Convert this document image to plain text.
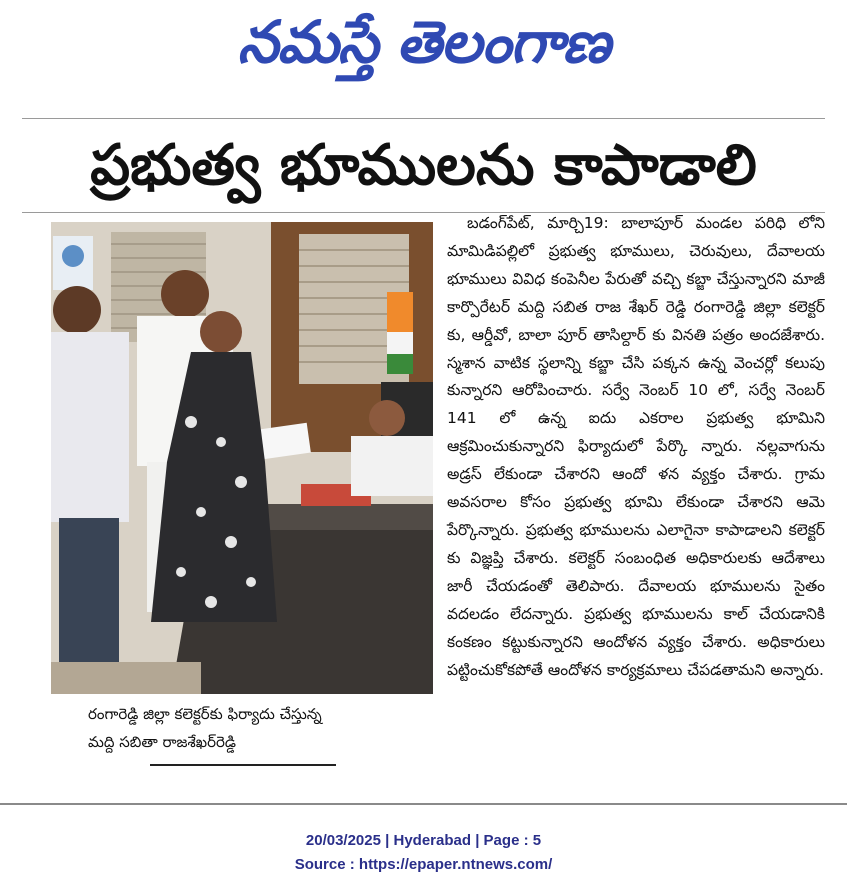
నమస్తే తెలంగాణ
ప్రభుత్వ భూములను కాపాడాలి
రంగారెడ్డి జిల్లా కలెక్టర్‌కు ఫిర్యాదు చేస్తున్న
మద్ది సబితా రాజశేఖర్‌రెడ్డి
బడంగ్‌పేట్, మార్చి19: బాలాపూర్ మండల పరిధి లోని మామిడిపల్లిలో ప్రభుత్వ భూములు, చెరువులు, దేవాలయ భూములు వివిధ కంపెనీల పేరుతో వచ్చి కబ్జా చేస్తున్నారని మాజీ కార్పొరేటర్ మద్ది సబిత రాజ శేఖర్ రెడ్డి రంగారెడ్డి జిల్లా కలెక్టర్ కు, ఆర్డీవో, బాలా పూర్ తాసిల్దార్ కు వినతి పత్రం అందజేశారు. స్మశాన వాటిక స్థలాన్ని కబ్జా చేసి పక్కన ఉన్న వెంచర్లో కలుపు కున్నారని ఆరోపించారు. సర్వే నెంబర్ 10 లో, సర్వే నెంబర్ 141 లో ఉన్న ఐదు ఎకరాల ప్రభుత్వ భూమిని ఆక్రమించుకున్నారని ఫిర్యాదులో పేర్కొ న్నారు. నల్లవాగును అడ్రస్ లేకుండా చేశారని ఆందో ళన వ్యక్తం చేశారు. గ్రామ అవసరాల కోసం ప్రభుత్వ భూమి లేకుండా చేశారని ఆమె పేర్కొన్నారు. ప్రభుత్వ భూములను ఎలాగైనా కాపాడాలని కలెక్టర్ కు విజ్ఞప్తి చేశారు. కలెక్టర్ సంబంధిత అధికారులకు ఆదేశాలు జారీ చేయడంతో తెలిపారు. దేవాలయ భూములను సైతం వదలడం లేదన్నారు. ప్రభుత్వ భూములను కాల్ చేయడానికి కంకణం కట్టుకున్నారని ఆందోళన వ్యక్తం చేశారు. అధికారులు పట్టించుకోకపోతే ఆందోళన కార్యక్రమాలు చేపడతామని అన్నారు.
20/03/2025 | Hyderabad | Page : 5
Source : https://epaper.ntnews.com/
